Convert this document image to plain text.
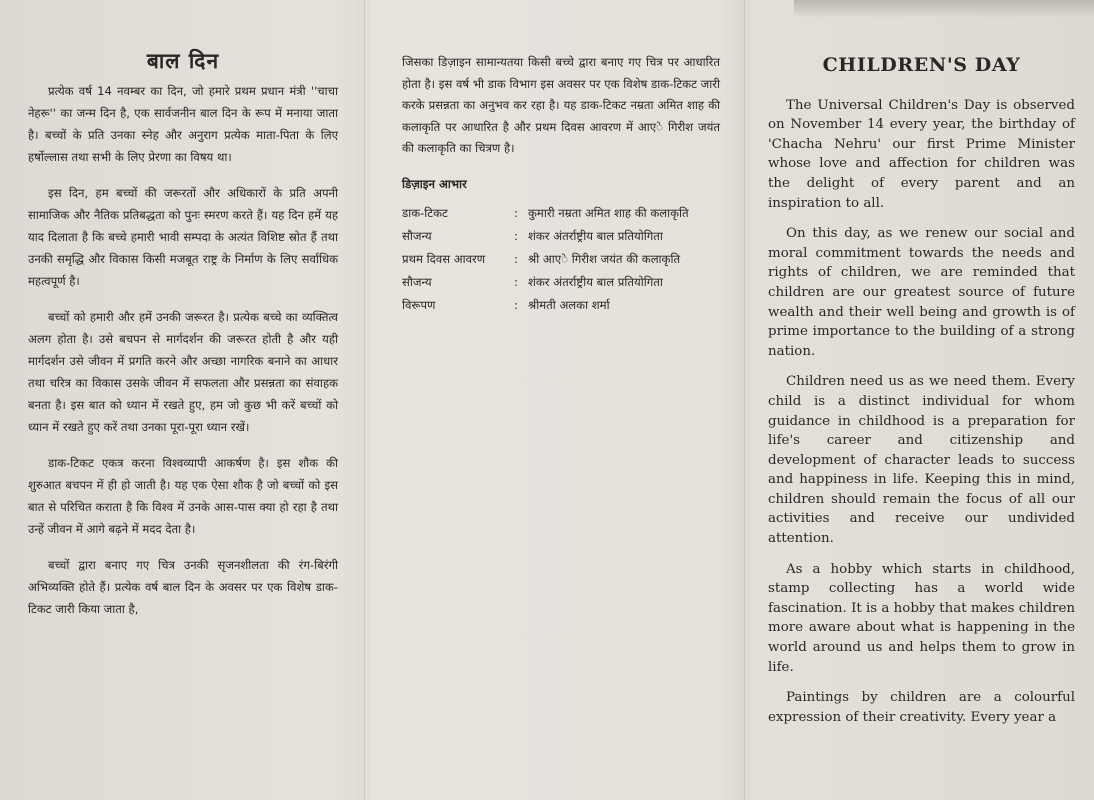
बाल दिन

प्रत्येक वर्ष 14 नवम्बर का दिन, जो हमारे प्रथम प्रधान मंत्री ''चाचा नेहरू'' का जन्म दिन है, एक सार्वजनीन बाल दिन के रूप में मनाया जाता है। बच्चों के प्रति उनका स्नेह और अनुराग प्रत्येक माता-पिता के लिए हर्षोल्लास तथा सभी के लिए प्रेरणा का विषय था।

इस दिन, हम बच्चों की जरूरतों और अधिकारों के प्रति अपनी सामाजिक और नैतिक प्रतिबद्धता को पुनः स्मरण करते हैं। यह दिन हमें यह याद दिलाता है कि बच्चे हमारी भावी सम्पदा के अत्यंत विशिष्ट स्रोत हैं तथा उनकी समृद्धि और विकास किसी मजबूत राष्ट्र के निर्माण के लिए सर्वाधिक महत्वपूर्ण है।

बच्चों को हमारी और हमें उनकी जरूरत है। प्रत्येक बच्चे का व्यक्तित्व अलग होता है। उसे बचपन से मार्गदर्शन की जरूरत होती है और यही मार्गदर्शन उसे जीवन में प्रगति करने और अच्छा नागरिक बनाने का आधार तथा चरित्र का विकास उसके जीवन में सफलता और प्रसन्नता का संवाहक बनता है। इस बात को ध्यान में रखते हुए, हम जो कुछ भी करें बच्चों को ध्यान में रखते हुए करें तथा उनका पूरा-पूरा ध्यान रखें।

डाक-टिकट एकत्र करना विश्वव्यापी आकर्षण है। इस शौक की शुरुआत बचपन में ही हो जाती है। यह एक ऐसा शौक है जो बच्चों को इस बात से परिचित कराता है कि विश्व में उनके आस-पास क्या हो रहा है तथा उन्हें जीवन में आगे बढ़ने में मदद देता है।

बच्चों द्वारा बनाए गए चित्र उनकी सृजनशीलता की रंग-बिरंगी अभिव्यक्ति होते हैं। प्रत्येक वर्ष बाल दिन के अवसर पर एक विशेष डाक-टिकट जारी किया जाता है,

जिसका डिज़ाइन सामान्यतया किसी बच्चे द्वारा बनाए गए चित्र पर आधारित होता है। इस वर्ष भी डाक विभाग इस अवसर पर एक विशेष डाक-टिकट जारी करके प्रसन्नता का अनुभव कर रहा है। यह डाक-टिकट नम्रता अमित शाह की कलाकृति पर आधारित है और प्रथम दिवस आवरण में आएे गिरीश जयंत की कलाकृति का चित्रण है।

डिज़ाइन आभार
डाक-टिकट	: कुमारी नम्रता अमित शाह की कलाकृति
सौजन्य	: शंकर अंतर्राष्ट्रीय बाल प्रतियोगिता
प्रथम दिवस आवरण	: श्री आएे गिरीश जयंत की कलाकृति
सौजन्य	: शंकर अंतर्राष्ट्रीय बाल प्रतियोगिता
विरूपण	: श्रीमती अलका शर्मा
CHILDREN'S DAY

The Universal Children's Day is observed on November 14 every year, the birthday of 'Chacha Nehru' our first Prime Minister whose love and affection for children was the delight of every parent and an inspiration to all.

On this day, as we renew our social and moral commitment towards the needs and rights of children, we are reminded that children are our greatest source of future wealth and their well being and growth is of prime importance to the building of a strong nation.

Children need us as we need them. Every child is a distinct individual for whom guidance in childhood is a preparation for life's career and citizenship and development of character leads to success and happiness in life. Keeping this in mind, children should remain the focus of all our activities and receive our undivided attention.

As a hobby which starts in childhood, stamp collecting has a world wide fascination. It is a hobby that makes children more aware about what is happening in the world around us and helps them to grow in life.

Paintings by children are a colourful expression of their creativity. Every year a
